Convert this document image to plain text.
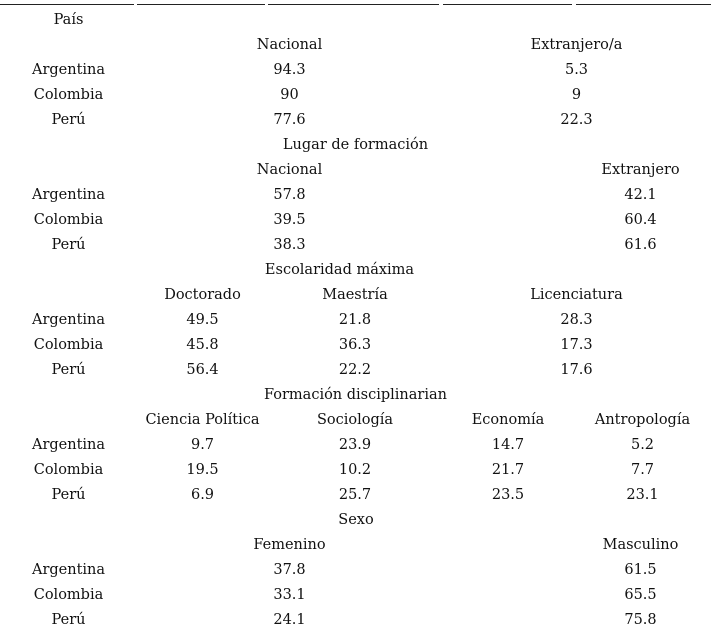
País				
	Nacional		Extranjero/a	
Argentina	94.3		5.3	
Colombia	90		9	
Perú	77.6		22.3	
	Lugar de formación			
	Nacional		Extranjero	
Argentina	57.8		42.1	
Colombia	39.5		60.4	
Perú	38.3		61.6	
	Escolaridad máxima			
	Doctorado	Maestría	Licenciatura	
Argentina	49.5	21.8	28.3	
Colombia	45.8	36.3	17.3	
Perú	56.4	22.2	17.6	
	Formación disciplinarian			
	Ciencia Política	Sociología	Economía	Antropología
Argentina	9.7	23.9	14.7	5.2
Colombia	19.5	10.2	21.7	7.7
Perú	6.9	25.7	23.5	23.1
	Sexo			
	Femenino		Masculino	
Argentina	37.8		61.5	
Colombia	33.1		65.5	
Perú	24.1		75.8	
